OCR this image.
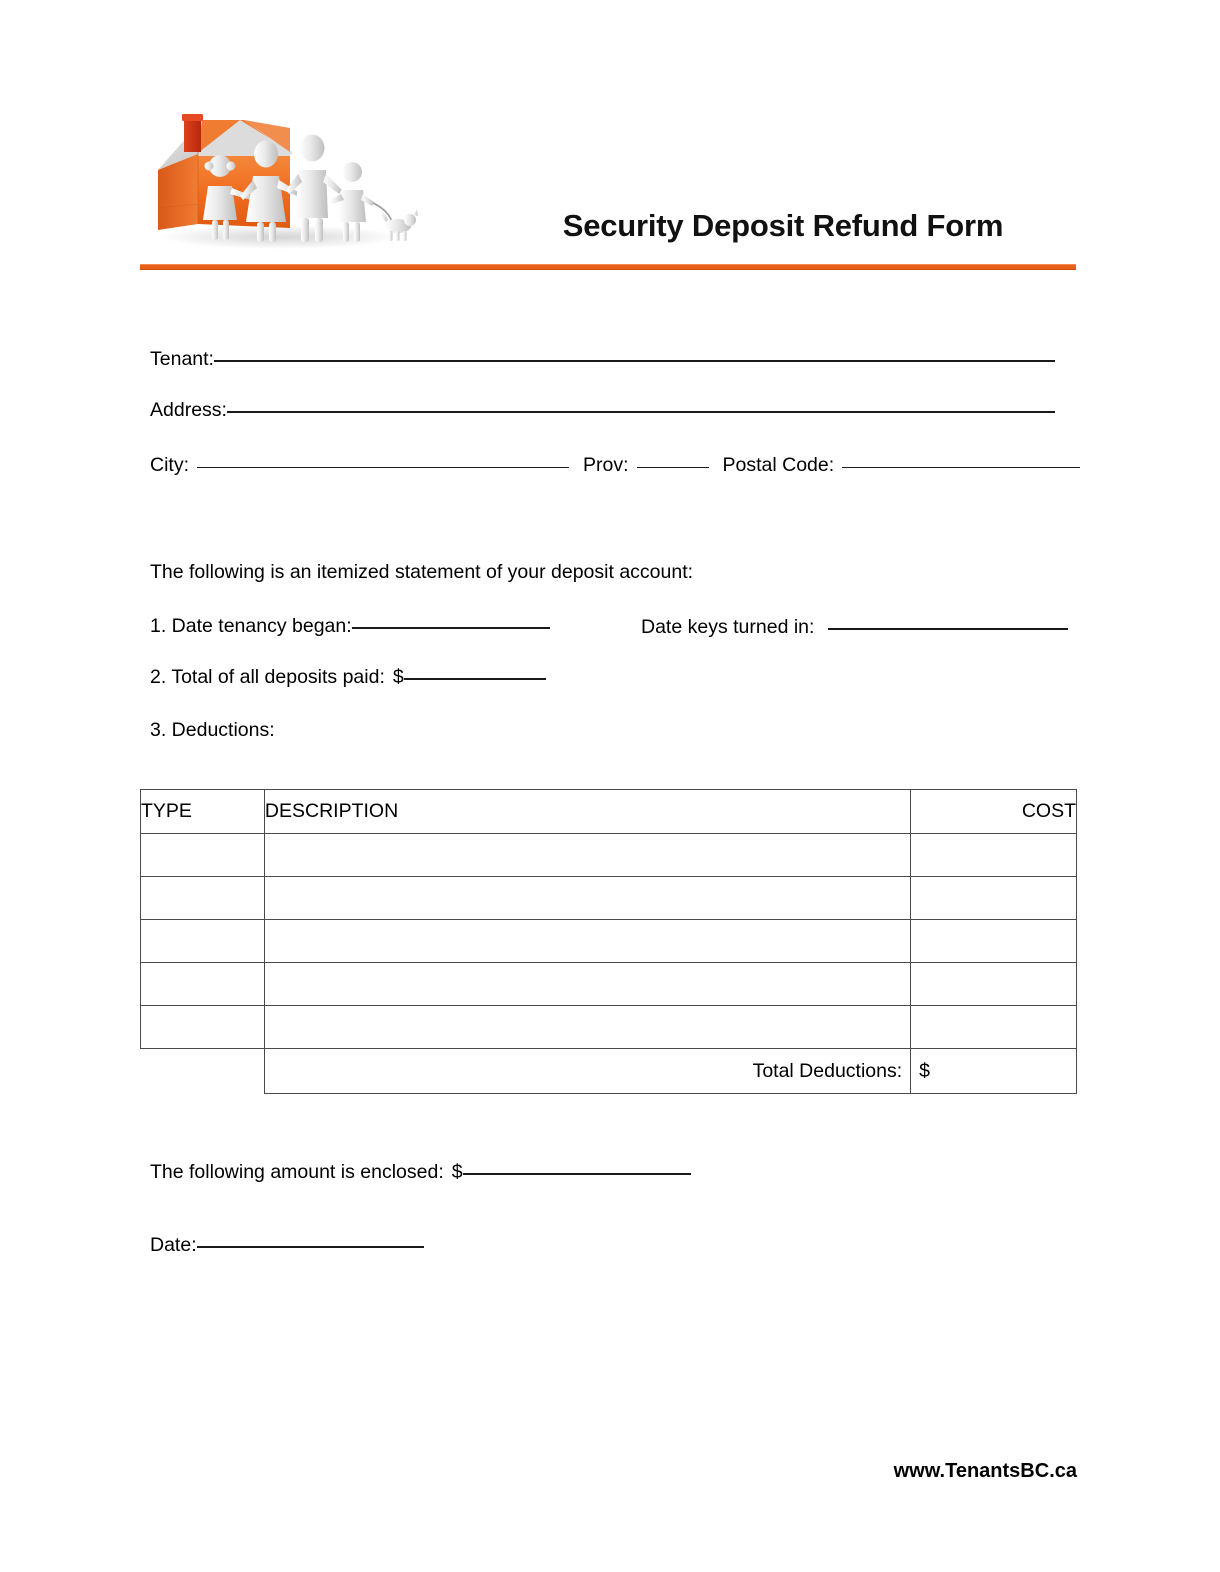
Security Deposit Refund Form
Tenant:
Address:
City:	Prov:	Postal Code:
The following is an itemized statement of your deposit account:
1. Date tenancy began:	Date keys turned in:
2. Total of all deposits paid: $
3. Deductions:
TYPE	DESCRIPTION	COST

	Total Deductions:	$
The following amount is enclosed: $
Date:
www.TenantsBC.ca
